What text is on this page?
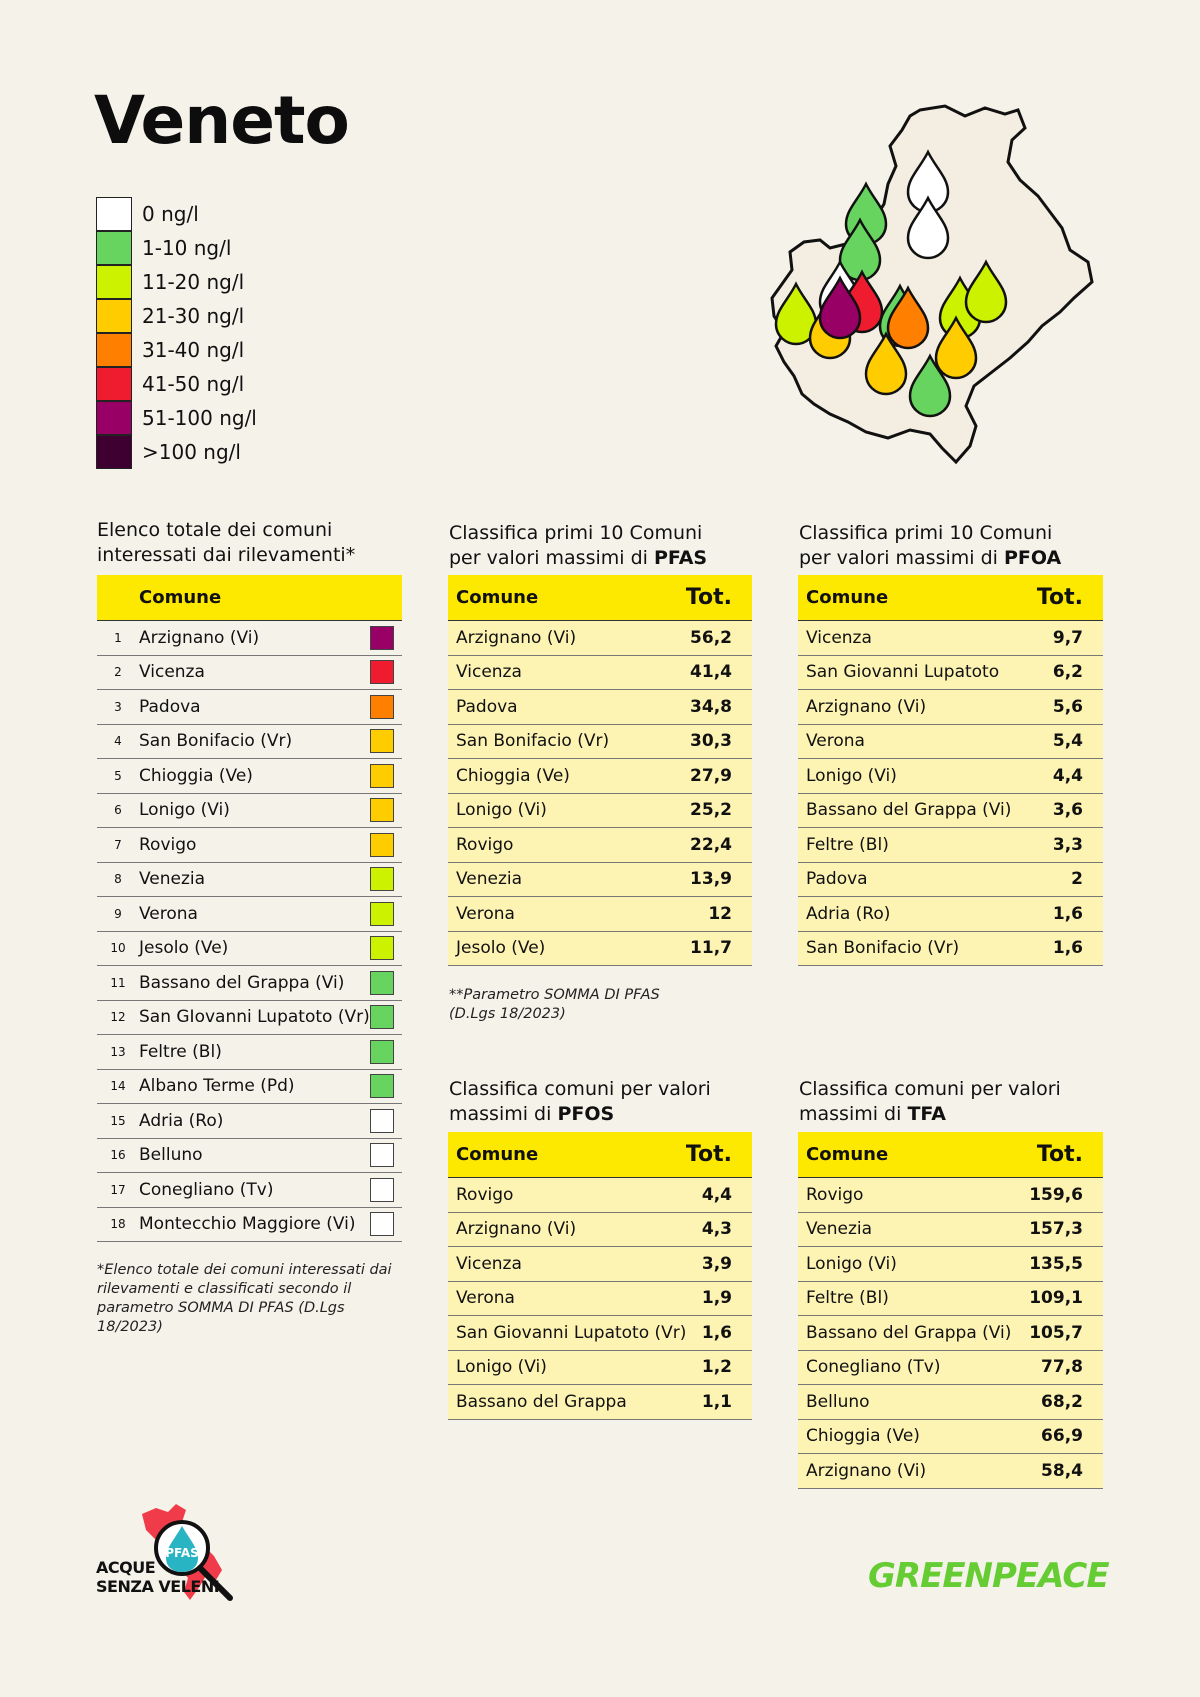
Veneto
0 ng/l
1-10 ng/l
11-20 ng/l
21-30 ng/l
31-40 ng/l
41-50 ng/l
51-100 ng/l
>100 ng/l
Elenco totale dei comuni
interessati dai rilevamenti*
Comune
1	Arzignano (Vi)
2	Vicenza
3	Padova
4	San Bonifacio (Vr)
5	Chioggia (Ve)
6	Lonigo (Vi)
7	Rovigo
8	Venezia
9	Verona
10 Jesolo (Ve)
11 Bassano del Grappa (Vi)
12 San GIovanni Lupatoto (Vr)
13 Feltre (Bl)
14 Albano Terme (Pd)
15 Adria (Ro)
16 Belluno
17 Conegliano (Tv)
18 Montecchio Maggiore (Vi)
*Elenco totale dei comuni interessati dai rilevamenti e classificati secondo il parametro SOMMA DI PFAS (D.Lgs 18/2023)
Classifica primi 10 Comuni
per valori massimi di PFAS
Comune	Tot.
Arzignano (Vi)	56,2
Vicenza	41,4
Padova	34,8
San Bonifacio (Vr)	30,3
Chioggia (Ve)	27,9
Lonigo (Vi)	25,2
Rovigo	22,4
Venezia	13,9
Verona	12
Jesolo (Ve)	11,7
**Parametro SOMMA DI PFAS
(D.Lgs 18/2023)
Classifica primi 10 Comuni
per valori massimi di PFOA
Comune	Tot.
Vicenza	9,7
San Giovanni Lupatoto	6,2
Arzignano (Vi)	5,6
Verona	5,4
Lonigo (Vi)	4,4
Bassano del Grappa (Vi) 3,6
Feltre (Bl)	3,3
Padova	2
Adria (Ro)	1,6
San Bonifacio (Vr)	1,6
Classifica comuni per valori
massimi di PFOS
Comune	Tot.
Rovigo	4,4
Arzignano (Vi)	4,3
Vicenza	3,9
Verona	1,9
San Giovanni Lupatoto (Vr) 1,6
Lonigo (Vi)	1,2
Bassano del Grappa	1,1
Classifica comuni per valori
massimi di TFA
Comune	Tot.
Rovigo	159,6
Venezia	157,3
Lonigo (Vi)	135,5
Feltre (Bl)	109,1
Bassano del Grappa (Vi) 105,7
Conegliano (Tv)	77,8
Belluno	68,2
Chioggia (Ve)	66,9
Arzignano (Vi)	58,4
PFAS
ACQUE
SENZA VELENI	GREENPEACE
